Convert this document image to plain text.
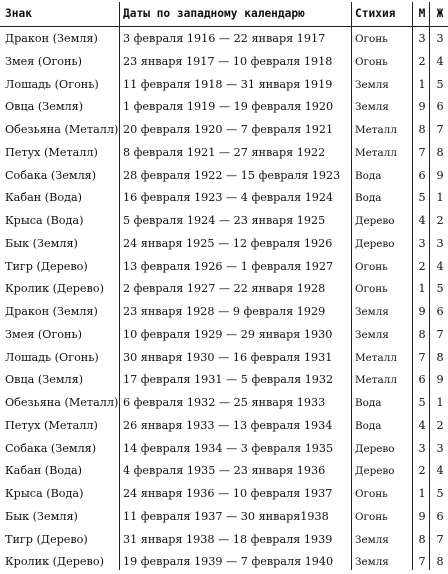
Знак	Даты по западному календарю	Стихия	М	Ж
Дракон (Земля)	3 февраля 1916 — 22 января 1917	Огонь	3 3
Змея (Огонь)	23 января 1917 — 10 февраля 1918	Огонь	2 4
Лошадь (Огонь)	11 февраля 1918 — 31 января 1919	Земля	1 5
Овца (Земля)	1 февраля 1919 — 19 февраля 1920	Земля	9 6
Обезьяна (Металл) 20 февраля 1920 — 7 февраля 1921	Металл	8 7
Петух (Металл)	8 февраля 1921 — 27 января 1922	Металл	7 8
Собака (Земля)	28 февраля 1922 — 15 февраля 1923	Вода	6 9
Кабан (Вода)	16 февраля 1923 — 4 февраля 1924	Вода	5 1
Крыса (Вода)	5 февраля 1924 — 23 января 1925	Дерево	4 2
Бык (Земля)	24 января 1925 — 12 февраля 1926	Дерево	3 3
Тигр (Дерево)	13 февраля 1926 — 1 февраля 1927	Огонь	2 4
Кролик (Дерево)	2 февраля 1927 — 22 января 1928	Огонь	1 5
Дракон (Земля)	23 января 1928 — 9 февраля 1929	Земля	9 6
Змея (Огонь)	10 февраля 1929 — 29 января 1930	Земля	8 7
Лошадь (Огонь)	30 января 1930 — 16 февраля 1931	Металл	7 8
Овца (Земля)	17 февраля 1931 — 5 февраля 1932	Металл	6 9
Обезьяна (Металл) 6 февраля 1932 — 25 января 1933	Вода	5 1
Петух (Металл)	26 января 1933 — 13 февраля 1934	Вода	4 2
Собака (Земля)	14 февраля 1934 — 3 февраля 1935	Дерево	3 3
Кабан (Вода)	4 февраля 1935 — 23 января 1936	Дерево	2 4
Крыса (Вода)	24 января 1936 — 10 февраля 1937	Огонь	1 5
Бык (Земля)	11 февраля 1937 — 30 января1938	Огонь	9 6
Тигр (Дерево)	31 января 1938 — 18 февраля 1939	Земля	8 7
Кролик (Дерево)	19 февраля 1939 — 7 февраля 1940	Земля	7 8
